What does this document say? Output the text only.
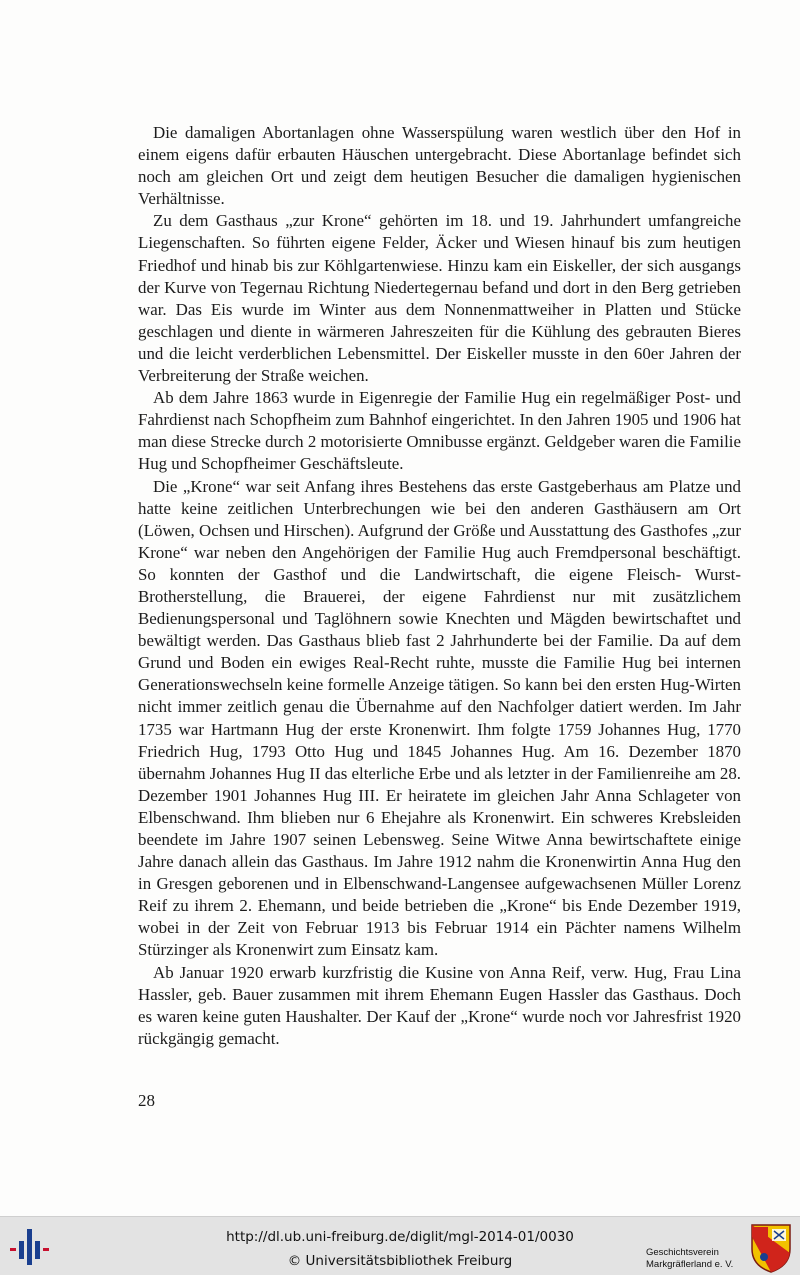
Die damaligen Abortanlagen ohne Wasserspülung waren westlich über den Hof in einem eigens dafür erbauten Häuschen untergebracht. Diese Abortanlage befindet sich noch am gleichen Ort und zeigt dem heutigen Besucher die damaligen hygienischen Verhältnisse.

Zu dem Gasthaus „zur Krone“ gehörten im 18. und 19. Jahrhundert umfangreiche Liegenschaften. So führten eigene Felder, Äcker und Wiesen hinauf bis zum heutigen Friedhof und hinab bis zur Köhlgartenwiese. Hinzu kam ein Eiskeller, der sich ausgangs der Kurve von Tegernau Richtung Niedertegernau befand und dort in den Berg getrieben war. Das Eis wurde im Winter aus dem Nonnenmattweiher in Platten und Stücke geschlagen und diente in wärmeren Jahreszeiten für die Kühlung des gebrauten Bieres und die leicht verderblichen Lebensmittel. Der Eiskeller musste in den 60er Jahren der Verbreiterung der Straße weichen.

Ab dem Jahre 1863 wurde in Eigenregie der Familie Hug ein regelmäßiger Post- und Fahrdienst nach Schopfheim zum Bahnhof eingerichtet. In den Jahren 1905 und 1906 hat man diese Strecke durch 2 motorisierte Omnibusse ergänzt. Geldgeber waren die Familie Hug und Schopfheimer Geschäftsleute.

Die „Krone“ war seit Anfang ihres Bestehens das erste Gastgeberhaus am Platze und hatte keine zeitlichen Unterbrechungen wie bei den anderen Gasthäusern am Ort (Löwen, Ochsen und Hirschen). Aufgrund der Größe und Ausstattung des Gasthofes „zur Krone“ war neben den Angehörigen der Familie Hug auch Fremdpersonal beschäftigt. So konnten der Gasthof und die Landwirtschaft, die eigene Fleisch- Wurst- Brotherstellung, die Brauerei, der eigene Fahrdienst nur mit zusätzlichem Bedienungspersonal und Taglöhnern sowie Knechten und Mägden bewirtschaftet und bewältigt werden. Das Gasthaus blieb fast 2 Jahrhunderte bei der Familie. Da auf dem Grund und Boden ein ewiges Real-Recht ruhte, musste die Familie Hug bei internen Generationswechseln keine formelle Anzeige tätigen. So kann bei den ersten Hug-Wirten nicht immer zeitlich genau die Übernahme auf den Nachfolger datiert werden. Im Jahr 1735 war Hartmann Hug der erste Kronenwirt. Ihm folgte 1759 Johannes Hug, 1770 Friedrich Hug, 1793 Otto Hug und 1845 Johannes Hug. Am 16. Dezember 1870 übernahm Johannes Hug II das elterliche Erbe und als letzter in der Familienreihe am 28. Dezember 1901 Johannes Hug III. Er heiratete im gleichen Jahr Anna Schlageter von Elbenschwand. Ihm blieben nur 6 Ehejahre als Kronenwirt. Ein schweres Krebsleiden beendete im Jahre 1907 seinen Lebensweg. Seine Witwe Anna bewirtschaftete einige Jahre danach allein das Gasthaus. Im Jahre 1912 nahm die Kronenwirtin Anna Hug den in Gresgen geborenen und in Elbenschwand-Langensee aufgewachsenen Müller Lorenz Reif zu ihrem 2. Ehemann, und beide betrieben die „Krone“ bis Ende Dezember 1919, wobei in der Zeit von Februar 1913 bis Februar 1914 ein Pächter namens Wilhelm Stürzinger als Kronenwirt zum Einsatz kam.

Ab Januar 1920 erwarb kurzfristig die Kusine von Anna Reif, verw. Hug, Frau Lina Hassler, geb. Bauer zusammen mit ihrem Ehemann Eugen Hassler das Gasthaus. Doch es waren keine guten Haushalter. Der Kauf der „Krone“ wurde noch vor Jahresfrist 1920 rückgängig gemacht.

28
http://dl.ub.uni-freiburg.de/diglit/mgl-2014-01/0030
© Universitätsbibliothek Freiburg
Geschichtsverein
Markgräflerland e. V.
